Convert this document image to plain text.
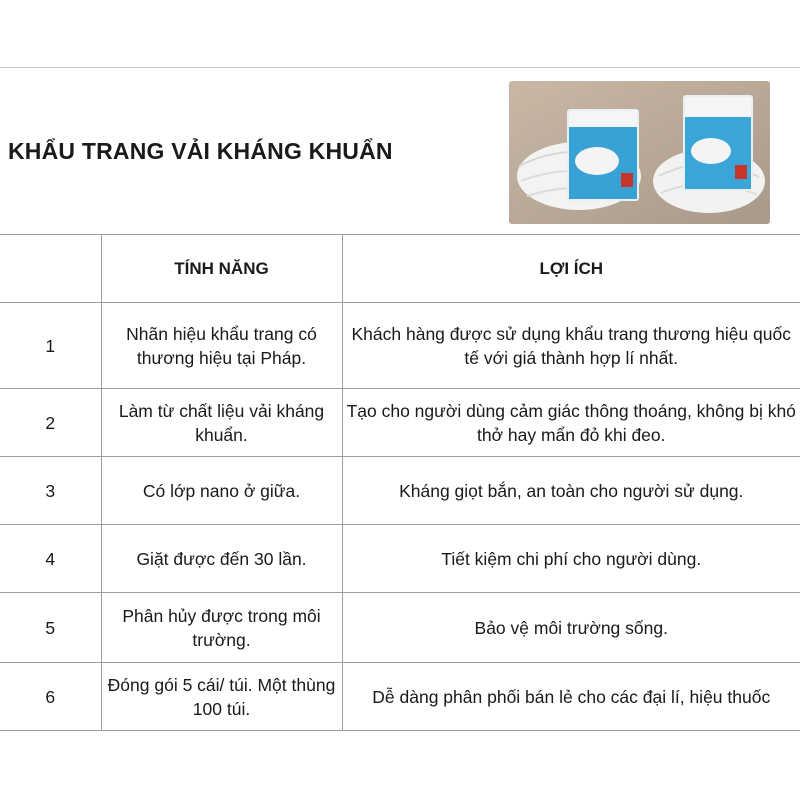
KHẨU TRANG VẢI KHÁNG KHUẨN
	TÍNH NĂNG	LỢI ÍCH
1	Nhãn hiệu khẩu trang có thương hiệu tại Pháp.	Khách hàng được sử dụng khẩu trang thương hiệu quốc tế với giá thành hợp lí nhất.
2	Làm từ chất liệu vải kháng khuẩn.	Tạo cho người dùng cảm giác thông thoáng, không bị khó thở hay mẩn đỏ khi đeo.
3	Có lớp nano ở giữa.	Kháng giọt bắn, an toàn cho người sử dụng.
4	Giặt được đến 30 lần.	Tiết kiệm chi phí cho người dùng.
5	Phân hủy được trong môi trường.	Bảo vệ môi trường sống.
6	Đóng gói 5 cái/ túi. Một thùng 100 túi.	Dễ dàng phân phối bán lẻ cho các đại lí, hiệu thuốc
